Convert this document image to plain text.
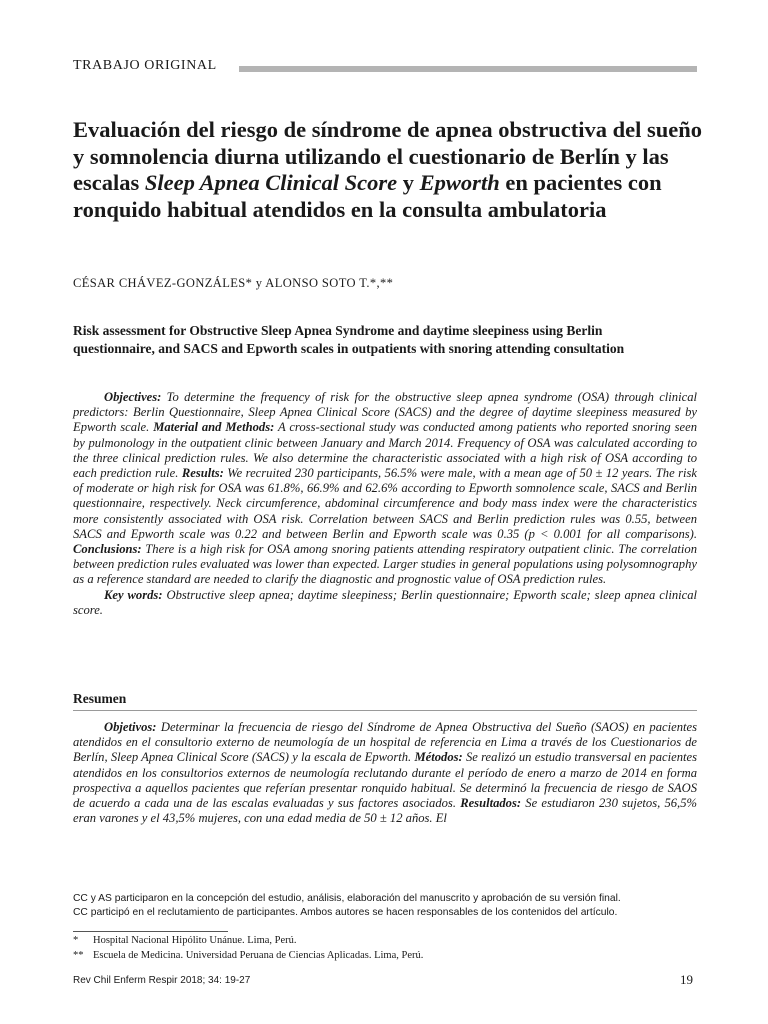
TRABAJO ORIGINAL
Evaluación del riesgo de síndrome de apnea obstructiva del sueño y somnolencia diurna utilizando el cuestionario de Berlín y las escalas Sleep Apnea Clinical Score y Epworth en pacientes con ronquido habitual atendidos en la consulta ambulatoria

CÉSAR CHÁVEZ-GONZÁLES* y ALONSO SOTO T.*,**

Risk assessment for Obstructive Sleep Apnea Syndrome and daytime sleepiness using Berlin questionnaire, and SACS and Epworth scales in outpatients with snoring attending consultation

Objectives: To determine the frequency of risk for the obstructive sleep apnea syndrome (OSA) through clinical predictors: Berlin Questionnaire, Sleep Apnea Clinical Score (SACS) and the degree of daytime sleepiness measured by Epworth scale. Material and Methods: A cross-sectional study was conducted among patients who reported snoring seen by pulmonology in the outpatient clinic between January and March 2014. Frequency of OSA was calculated according to the three clinical prediction rules. We also determine the characteristic associated with a high risk of OSA according to each prediction rule. Results: We recruited 230 participants, 56.5% were male, with a mean age of 50 ± 12 years. The risk of moderate or high risk for OSA was 61.8%, 66.9% and 62.6% according to Epworth somnolence scale, SACS and Berlin questionnaire, respectively. Neck circumference, abdominal circumference and body mass index were the characteristics more consistently associated with OSA risk. Correlation between SACS and Berlin prediction rules was 0.55, between SACS and Epworth scale was 0.22 and between Berlin and Epworth scale was 0.35 (p < 0.001 for all comparisons). Conclusions: There is a high risk for OSA among snoring patients attending respiratory outpatient clinic. The correlation between prediction rules evaluated was lower than expected. Larger studies in general populations using polysomnography as a reference standard are needed to clarify the diagnostic and prognostic value of OSA prediction rules.

Key words: Obstructive sleep apnea; daytime sleepiness; Berlin questionnaire; Epworth scale; sleep apnea clinical score.

Resumen

Objetivos: Determinar la frecuencia de riesgo del Síndrome de Apnea Obstructiva del Sueño (SAOS) en pacientes atendidos en el consultorio externo de neumología de un hospital de referencia en Lima a través de los Cuestionarios de Berlín, Sleep Apnea Clinical Score (SACS) y la escala de Epworth. Métodos: Se realizó un estudio transversal en pacientes atendidos en los consultorios externos de neumología reclutando durante el período de enero a marzo de 2014 en forma prospectiva a aquellos pacientes que referían presentar ronquido habitual. Se determinó la frecuencia de riesgo de SAOS de acuerdo a cada una de las escalas evaluadas y sus factores asociados. Resultados: Se estudiaron 230 sujetos, 56,5% eran varones y el 43,5% mujeres, con una edad media de 50 ± 12 años. El

CC y AS participaron en la concepción del estudio, análisis, elaboración del manuscrito y aprobación de su versión final.

CC participó en el reclutamiento de participantes. Ambos autores se hacen responsables de los contenidos del artículo.

* Hospital Nacional Hipólito Unánue. Lima, Perú.
** Escuela de Medicina. Universidad Peruana de Ciencias Aplicadas. Lima, Perú.

Rev Chil Enferm Respir 2018; 34: 19-27	19
